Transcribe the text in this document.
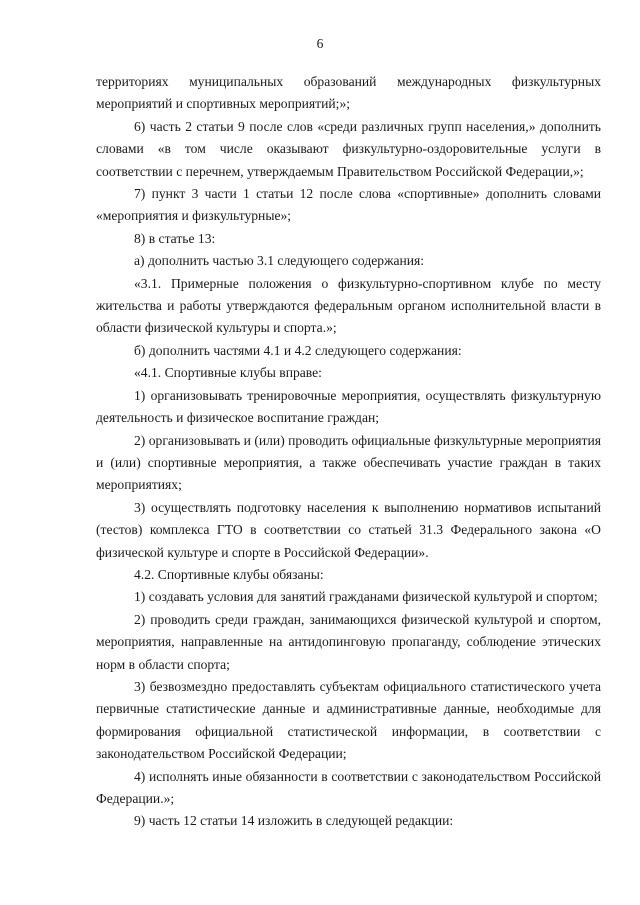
6

территориях муниципальных образований международных физкультурных мероприятий и спортивных мероприятий;»;

6) часть 2 статьи 9 после слов «среди различных групп населения,» дополнить словами «в том числе оказывают физкультурно-оздоровительные услуги в соответствии с перечнем, утверждаемым Правительством Российской Федерации,»;

7) пункт 3 части 1 статьи 12 после слова «спортивные» дополнить словами «мероприятия и физкультурные»;

8) в статье 13:

а) дополнить частью 3.1 следующего содержания:

«3.1. Примерные положения о физкультурно-спортивном клубе по месту жительства и работы утверждаются федеральным органом исполнительной власти в области физической культуры и спорта.»;

б) дополнить частями 4.1 и 4.2 следующего содержания:

«4.1. Спортивные клубы вправе:

1) организовывать тренировочные мероприятия, осуществлять физкультурную деятельность и физическое воспитание граждан;

2) организовывать и (или) проводить официальные физкультурные мероприятия и (или) спортивные мероприятия, а также обеспечивать участие граждан в таких мероприятиях;

3) осуществлять подготовку населения к выполнению нормативов испытаний (тестов) комплекса ГТО в соответствии со статьей 31.3 Федерального закона «О физической культуре и спорте в Российской Федерации».

4.2. Спортивные клубы обязаны:

1) создавать условия для занятий гражданами физической культурой и спортом;

2) проводить среди граждан, занимающихся физической культурой и спортом, мероприятия, направленные на антидопинговую пропаганду, соблюдение этических норм в области спорта;

3) безвозмездно предоставлять субъектам официального статистического учета первичные статистические данные и административные данные, необходимые для формирования официальной статистической информации, в соответствии с законодательством Российской Федерации;

4) исполнять иные обязанности в соответствии с законодательством Российской Федерации.»;

9) часть 12 статьи 14 изложить в следующей редакции:
